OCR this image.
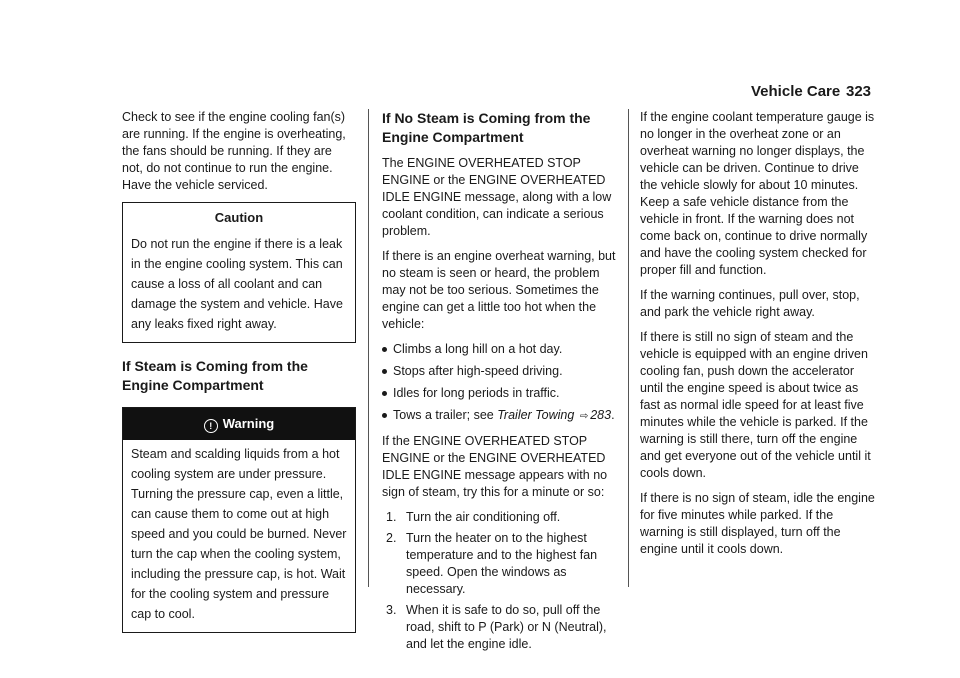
Vehicle Care 323

Check to see if the engine cooling fan(s) are running. If the engine is overheating, the fans should be running. If they are not, do not continue to run the engine. Have the vehicle serviced.

Caution
Do not run the engine if there is a leak in the engine cooling system. This can cause a loss of all coolant and can damage the system and vehicle. Have any leaks fixed right away.
If Steam is Coming from the Engine Compartment
! Warning
Steam and scalding liquids from a hot cooling system are under pressure. Turning the pressure cap, even a little, can cause them to come out at high speed and you could be burned. Never turn the cap when the cooling system, including the pressure cap, is hot. Wait for the cooling system and pressure cap to cool.
If No Steam is Coming from the Engine Compartment

The ENGINE OVERHEATED STOP ENGINE or the ENGINE OVERHEATED IDLE ENGINE message, along with a low coolant condition, can indicate a serious problem.

If there is an engine overheat warning, but no steam is seen or heard, the problem may not be too serious. Sometimes the engine can get a little too hot when the vehicle:

Climbs a long hill on a hot day.
Stops after high-speed driving.
Idles for long periods in traffic.
Tows a trailer; see Trailer Towing ⇨ 283.

If the ENGINE OVERHEATED STOP ENGINE or the ENGINE OVERHEATED IDLE ENGINE message appears with no sign of steam, try this for a minute or so:

1. Turn the air conditioning off.
2. Turn the heater on to the highest temperature and to the highest fan speed. Open the windows as necessary.
3. When it is safe to do so, pull off the road, shift to P (Park) or N (Neutral), and let the engine idle.

If the engine coolant temperature gauge is no longer in the overheat zone or an overheat warning no longer displays, the vehicle can be driven. Continue to drive the vehicle slowly for about 10 minutes. Keep a safe vehicle distance from the vehicle in front. If the warning does not come back on, continue to drive normally and have the cooling system checked for proper fill and function.

If the warning continues, pull over, stop, and park the vehicle right away.

If there is still no sign of steam and the vehicle is equipped with an engine driven cooling fan, push down the accelerator until the engine speed is about twice as fast as normal idle speed for at least five minutes while the vehicle is parked. If the warning is still there, turn off the engine and get everyone out of the vehicle until it cools down.

If there is no sign of steam, idle the engine for five minutes while parked. If the warning is still displayed, turn off the engine until it cools down.
